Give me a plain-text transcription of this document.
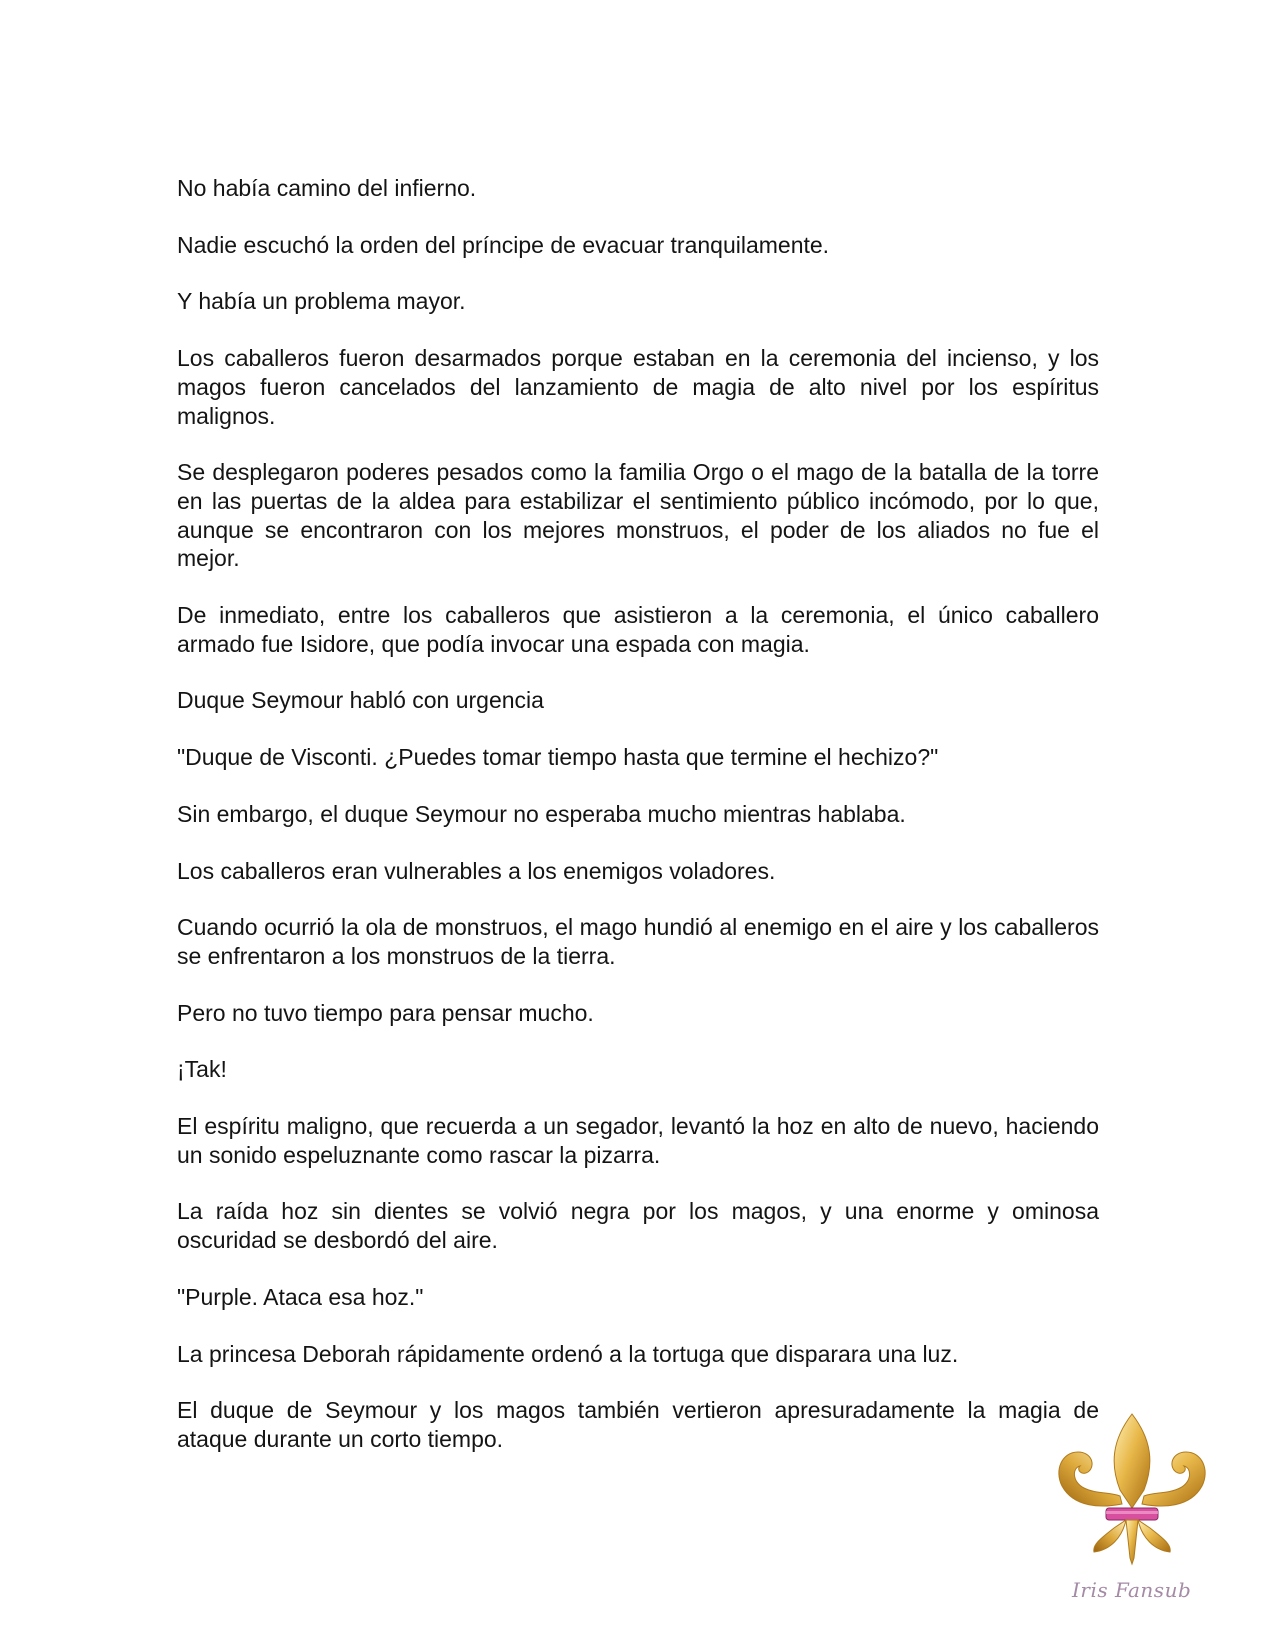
No había camino del infierno.

Nadie escuchó la orden del príncipe de evacuar tranquilamente.

Y había un problema mayor.

Los caballeros fueron desarmados porque estaban en la ceremonia del incienso, y los magos fueron cancelados del lanzamiento de magia de alto nivel por los espíritus malignos.

Se desplegaron poderes pesados como la familia Orgo o el mago de la batalla de la torre en las puertas de la aldea para estabilizar el sentimiento público incómodo, por lo que, aunque se encontraron con los mejores monstruos, el poder de los aliados no fue el mejor.

De inmediato, entre los caballeros que asistieron a la ceremonia, el único caballero armado fue Isidore, que podía invocar una espada con magia.

Duque Seymour habló con urgencia

"Duque de Visconti. ¿Puedes tomar tiempo hasta que termine el hechizo?"

Sin embargo, el duque Seymour no esperaba mucho mientras hablaba.

Los caballeros eran vulnerables a los enemigos voladores.

Cuando ocurrió la ola de monstruos, el mago hundió al enemigo en el aire y los caballeros se enfrentaron a los monstruos de la tierra.

Pero no tuvo tiempo para pensar mucho.

¡Tak!

El espíritu maligno, que recuerda a un segador, levantó la hoz en alto de nuevo, haciendo un sonido espeluznante como rascar la pizarra.

La raída hoz sin dientes se volvió negra por los magos, y una enorme y ominosa oscuridad se desbordó del aire.

"Purple. Ataca esa hoz."

La princesa Deborah rápidamente ordenó a la tortuga que disparara una luz.

El duque de Seymour y los magos también vertieron apresuradamente la magia de ataque durante un corto tiempo.

Iris Fansub
